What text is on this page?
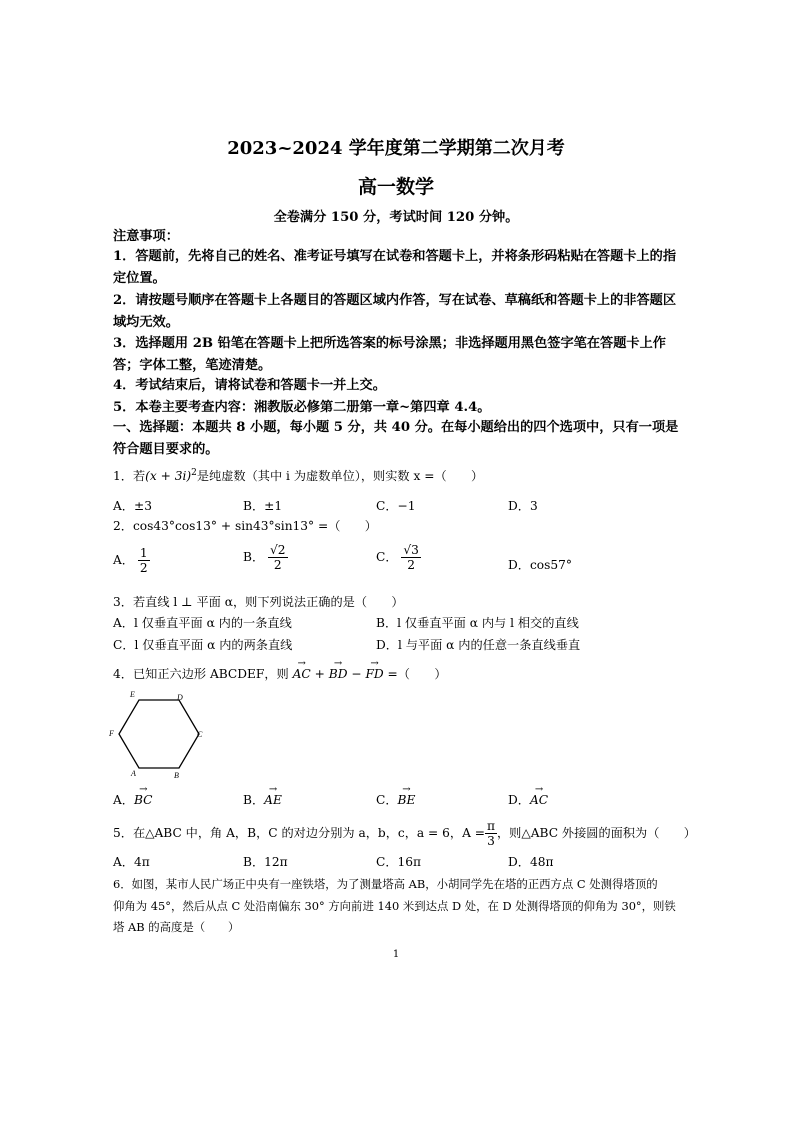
2023~2024 学年度第二学期第二次月考
高一数学
全卷满分 150 分，考试时间 120 分钟。
注意事项：
1．答题前，先将自己的姓名、准考证号填写在试卷和答题卡上，并将条形码粘贴在答题卡上的指定位置。
2．请按题号顺序在答题卡上各题目的答题区域内作答，写在试卷、草稿纸和答题卡上的非答题区域均无效。
3．选择题用 2B 铅笔在答题卡上把所选答案的标号涂黑；非选择题用黑色签字笔在答题卡上作答；字体工整，笔迹清楚。
4．考试结束后，请将试卷和答题卡一并上交。
5．本卷主要考查内容：湘教版必修第二册第一章~第四章 4.4。
一、选择题：本题共 8 小题，每小题 5 分，共 40 分。在每小题给出的四个选项中，只有一项是符合题目要求的。
1．若$(x + 3i)^2$是纯虚数（其中 i 为虚数单位），则实数 x =（　　）
A．±3	B．±1	C．−1	D．3
2．cos43°cos13° + sin43°sin13° =（　　）
A． $\frac{1}{2}$	B． $\frac{√2}{2}$	C． $\frac{√3}{2}$	D．cos57°
3．若直线 l ⊥ 平面 α，则下列说法正确的是（　　）
A．l 仅垂直平面 α 内的一条直线	B．l 仅垂直平面 α 内与 l 相交的直线
C．l 仅垂直平面 α 内的两条直线	D．l 与平面 α 内的任意一条直线垂直
4．已知正六边形 ABCDEF，则 → AC + → BD − → FD =（　　）
E	D
F	C
A	B
A．→ BC	B．→ AE	C．→ BE	D．→ AC
5．在△ABC 中，角 A，B，C 的对边分别为 a，b，c，a = 6，$A = \frac{\pi}{3}$ ，则△ABC 外接圆的面积为（　　）
A．4π	B．12π	C．16π	D．48π
6．如图，某市人民广场正中央有一座铁塔，为了测量塔高 AB，小胡同学先在塔的正西方点 C 处测得塔顶的
仰角为 45°，然后从点 C 处沿南偏东 30° 方向前进 140 米到达点 D 处，在 D 处测得塔顶的仰角为 30°，则铁
塔 AB 的高度是（　　）
1
